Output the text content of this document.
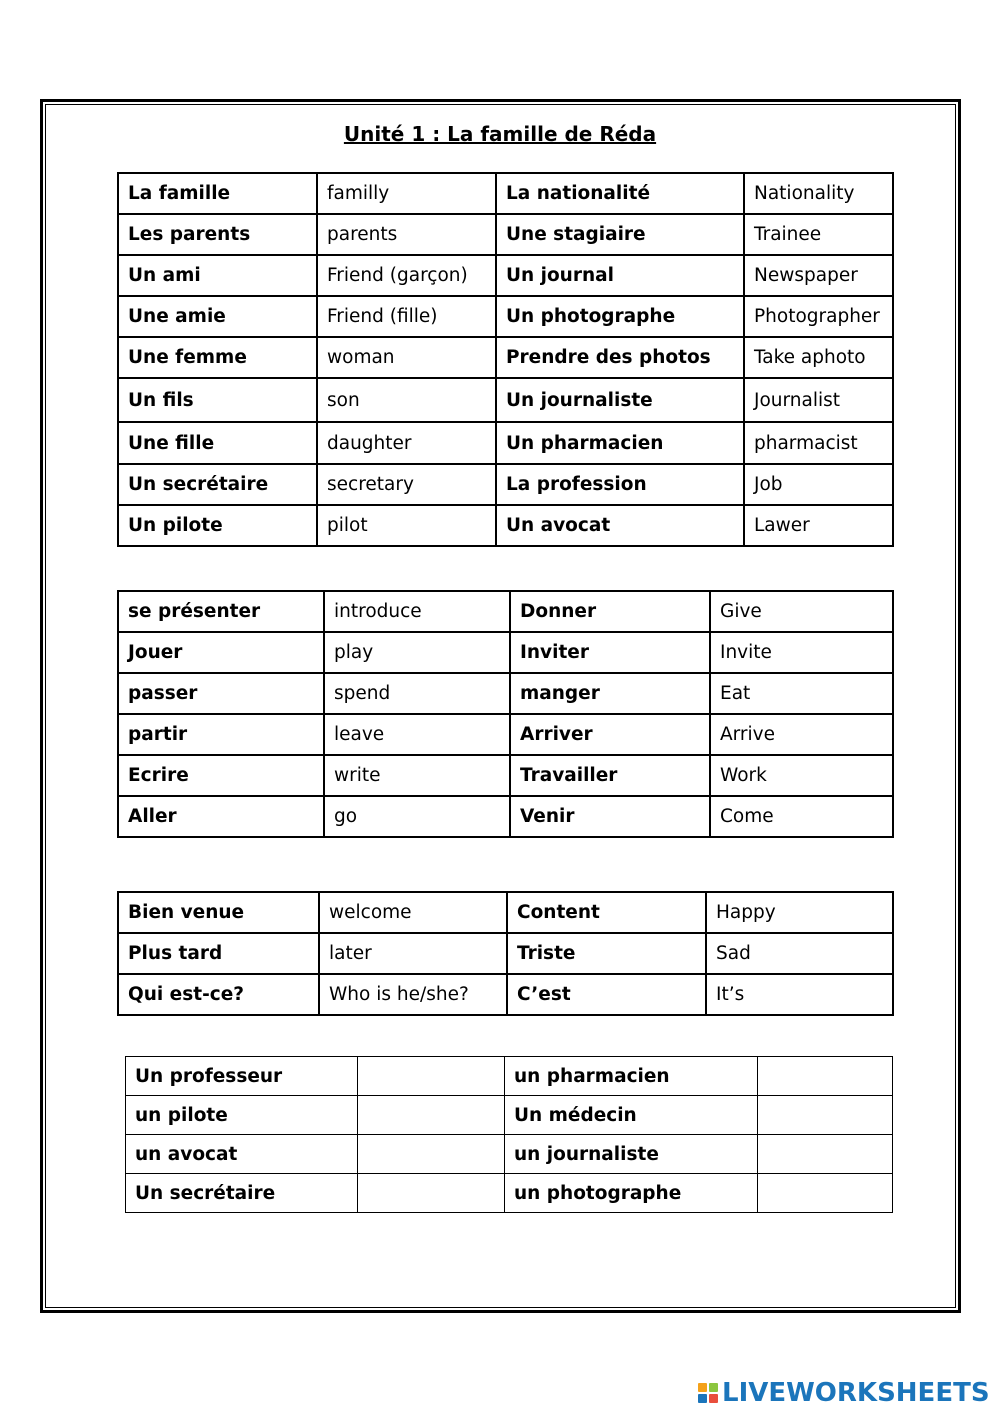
Unité 1 : La famille de Réda
La famille	familly	La nationalité	Nationality
Les parents	parents	Une stagiaire	Trainee
Un ami	Friend (garçon)	Un journal	Newspaper
Une amie	Friend (fille)	Un photographe	Photographer
Une femme	woman	Prendre des photos	Take aphoto
Un fils	son	Un journaliste	Journalist
Une fille	daughter	Un pharmacien	pharmacist
Un secrétaire	secretary	La profession	Job
Un pilote	pilot	Un avocat	Lawer
se présenter	introduce	Donner	Give
Jouer	play	Inviter	Invite
passer	spend	manger	Eat
partir	leave	Arriver	Arrive
Ecrire	write	Travailler	Work
Aller	go	Venir	Come
Bien venue	welcome	Content	Happy
Plus tard	later	Triste	Sad
Qui est-ce?	Who is he/she?	C’est	It’s
Un professeur		un pharmacien	
un pilote		Un médecin	
un avocat		un journaliste	
Un secrétaire		un photographe	
LIVEWORKSHEETS
